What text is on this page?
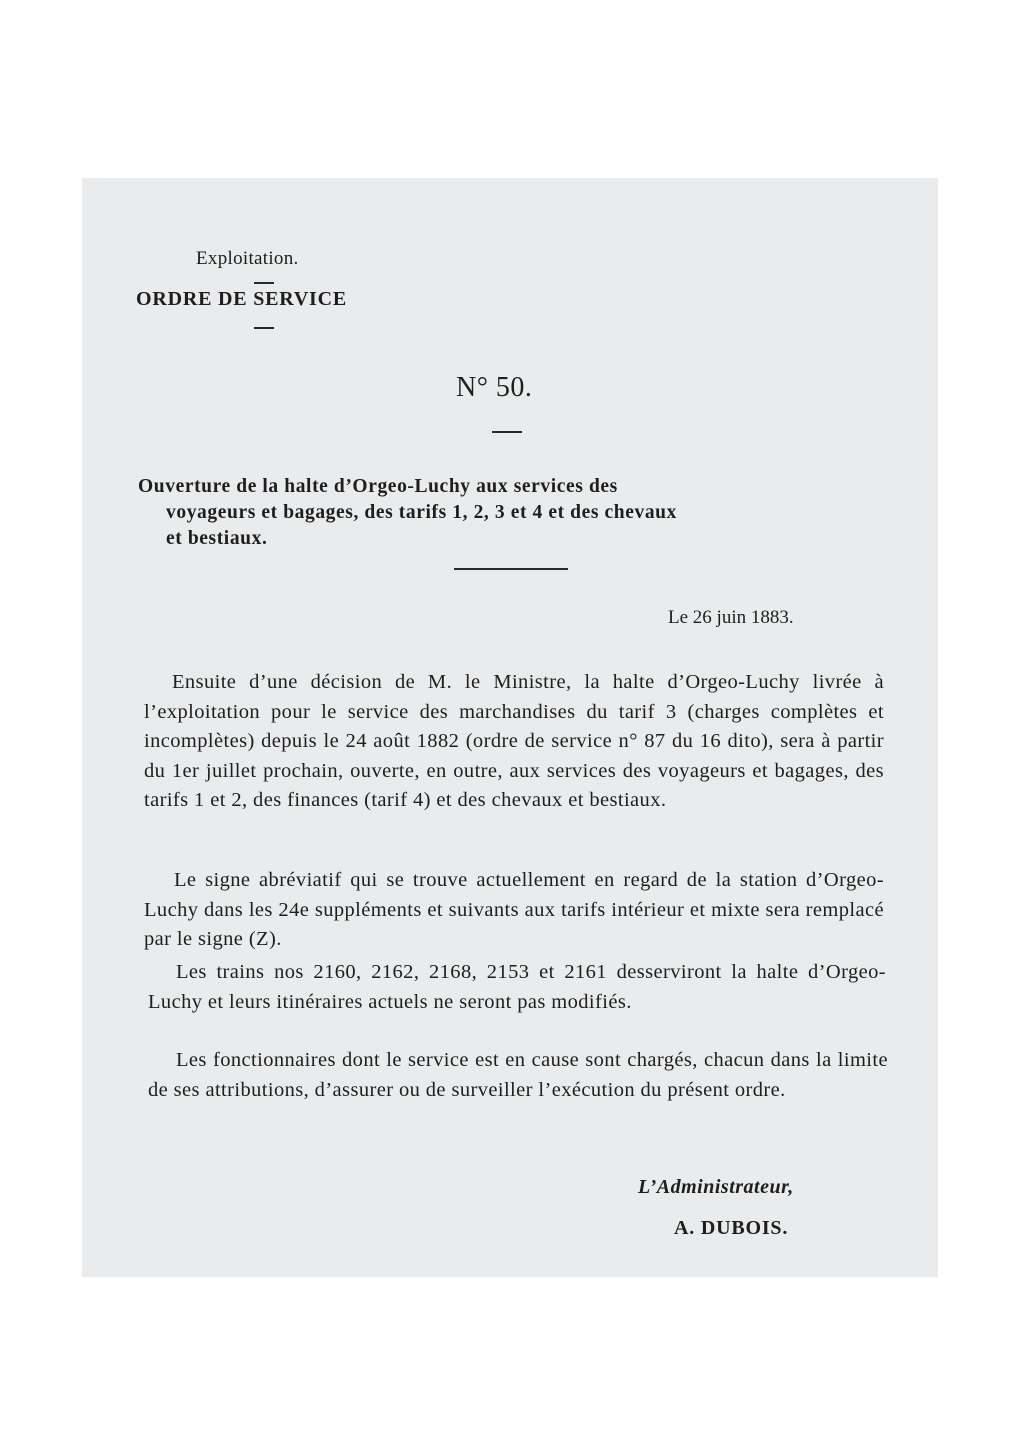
Exploitation.
ORDRE DE SERVICE
N° 50.
Ouverture de la halte d’Orgeo-Luchy aux services des
voyageurs et bagages, des tarifs 1, 2, 3 et 4 et des chevaux
et bestiaux.
Le 26 juin 1883.
Ensuite d’une décision de M. le Ministre, la halte d’Orgeo-Luchy livrée à l’exploitation pour le service des marchandises du tarif 3 (charges complètes et incomplètes) depuis le 24 août 1882 (ordre de service n° 87 du 16 dito), sera à partir du 1er juillet prochain, ouverte, en outre, aux services des voyageurs et bagages, des tarifs 1 et 2, des finances (tarif 4) et des chevaux et bestiaux.
Le signe abréviatif qui se trouve actuellement en regard de la station d’Orgeo-Luchy dans les 24e suppléments et suivants aux tarifs intérieur et mixte sera remplacé par le signe (Z).
Les trains nos 2160, 2162, 2168, 2153 et 2161 desserviront la halte d’Orgeo-Luchy et leurs itinéraires actuels ne seront pas modifiés.
Les fonctionnaires dont le service est en cause sont chargés, chacun dans la limite de ses attributions, d’assurer ou de surveiller l’exécution du présent ordre.
L’Administrateur,
A. DUBOIS.
